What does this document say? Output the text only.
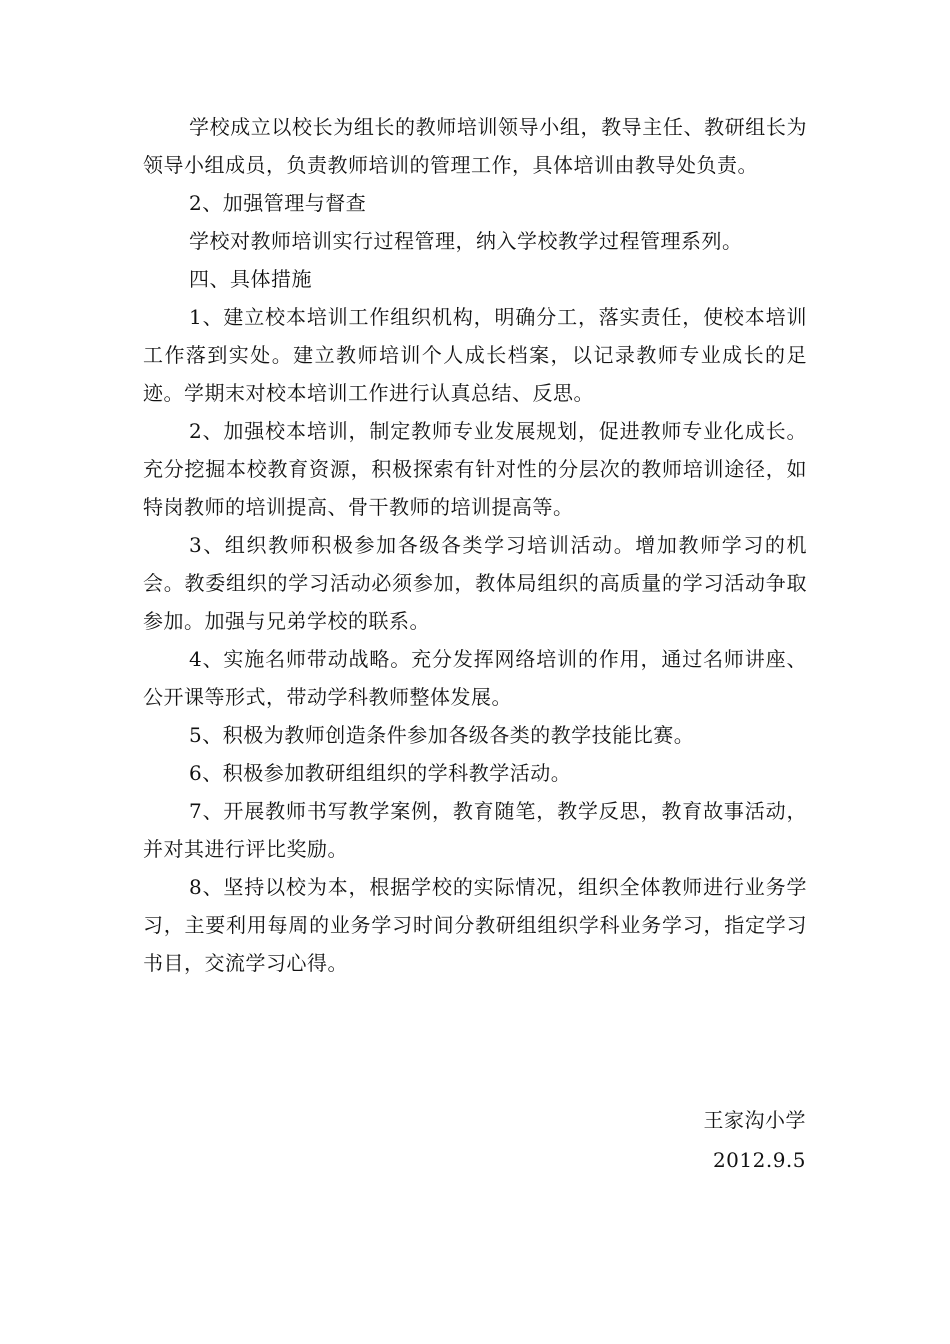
学校成立以校长为组长的教师培训领导小组，教导主任、教研组长为领导小组成员，负责教师培训的管理工作，具体培训由教导处负责。

2、加强管理与督查

学校对教师培训实行过程管理，纳入学校教学过程管理系列。

四、具体措施

1、建立校本培训工作组织机构，明确分工，落实责任，使校本培训工作落到实处。建立教师培训个人成长档案，以记录教师专业成长的足迹。学期末对校本培训工作进行认真总结、反思。

2、加强校本培训，制定教师专业发展规划，促进教师专业化成长。充分挖掘本校教育资源，积极探索有针对性的分层次的教师培训途径，如特岗教师的培训提高、骨干教师的培训提高等。

3、组织教师积极参加各级各类学习培训活动。增加教师学习的机会。教委组织的学习活动必须参加，教体局组织的高质量的学习活动争取参加。加强与兄弟学校的联系。

4、实施名师带动战略。充分发挥网络培训的作用，通过名师讲座、公开课等形式，带动学科教师整体发展。

5、积极为教师创造条件参加各级各类的教学技能比赛。

6、积极参加教研组组织的学科教学活动。

7、开展教师书写教学案例，教育随笔，教学反思，教育故事活动，并对其进行评比奖励。

8、坚持以校为本，根据学校的实际情况，组织全体教师进行业务学习，主要利用每周的业务学习时间分教研组组织学科业务学习，指定学习书目，交流学习心得。

王家沟小学
2012.9.5
